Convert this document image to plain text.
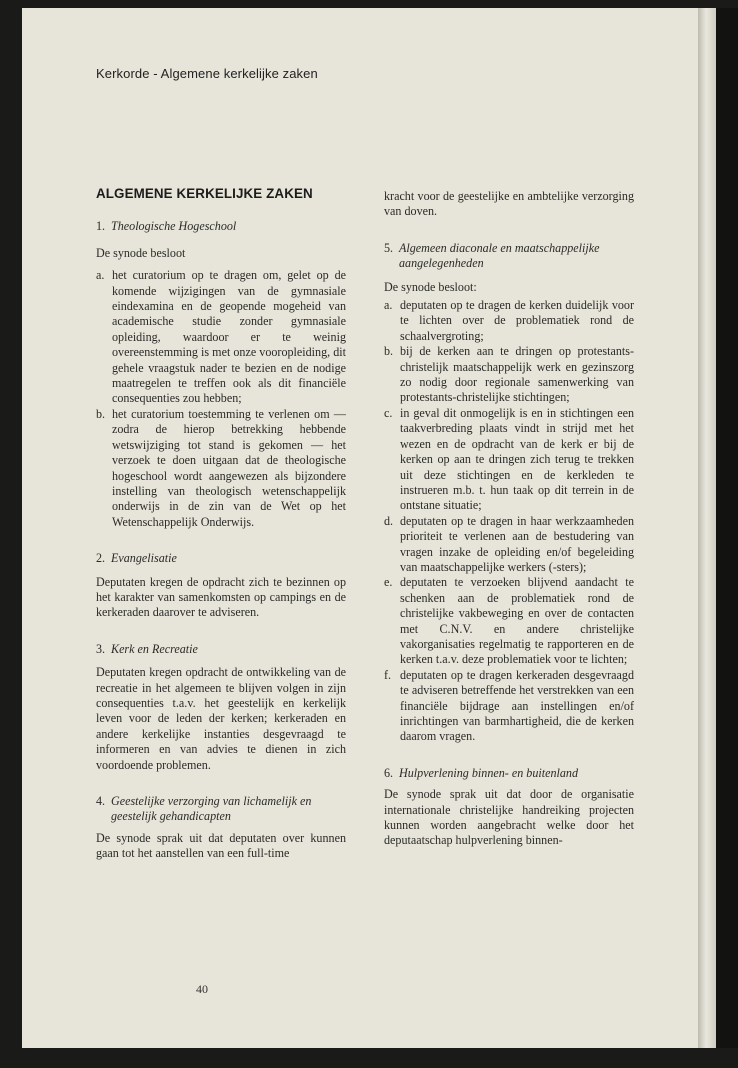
Kerkorde - Algemene kerkelijke zaken
ALGEMENE KERKELIJKE ZAKEN
1. Theologische Hogeschool

De synode besloot

a. het curatorium op te dragen om, gelet op de komende wijzigingen van de gymnasiale eindexamina en de geopende mogeheid van academische studie zonder gymnasiale opleiding, waardoor er te weinig overeenstemming is met onze vooropleiding, dit gehele vraagstuk nader te bezien en de nodige maatregelen te treffen ook als dit financiële consequenties zou hebben;
b. het curatorium toestemming te verlenen om — zodra de hierop betrekking hebbende wetswijziging tot stand is gekomen — het verzoek te doen uitgaan dat de theologische hogeschool wordt aangewezen als bijzondere instelling van theologisch wetenschappelijk onderwijs in de zin van de Wet op het Wetenschappelijk Onderwijs.
2. Evangelisatie

Deputaten kregen de opdracht zich te bezinnen op het karakter van samenkomsten op campings en de kerkeraden daarover te adviseren.

3. Kerk en Recreatie

Deputaten kregen opdracht de ontwikkeling van de recreatie in het algemeen te blijven volgen in zijn consequenties t.a.v. het geestelijk en kerkelijk leven voor de leden der kerken; kerkeraden en andere kerkelijke instanties desgevraagd te informeren en van advies te dienen in zich voordoende problemen.

4. Geestelijke verzorging van lichamelijk en geestelijk gehandicapten

De synode sprak uit dat deputaten over kunnen gaan tot het aanstellen van een full-time

kracht voor de geestelijke en ambtelijke verzorging van doven.

5. Algemeen diaconale en maatschappelijke aangelegenheden

De synode besloot:

a. deputaten op te dragen de kerken duidelijk voor te lichten over de problematiek rond de schaalvergroting;
b. bij de kerken aan te dringen op protestants-christelijk maatschappelijk werk en gezinszorg zo nodig door regionale samenwerking van protestants-christelijke stichtingen;
c. in geval dit onmogelijk is en in stichtingen een taakverbreding plaats vindt in strijd met het wezen en de opdracht van de kerk er bij de kerken op aan te dringen zich terug te trekken uit deze stichtingen en de kerkleden te instrueren m.b. t. hun taak op dit terrein in de ontstane situatie;
d. deputaten op te dragen in haar werkzaamheden prioriteit te verlenen aan de bestudering van vragen inzake de opleiding en/of begeleiding van maatschappelijke werkers (-sters);
e. deputaten te verzoeken blijvend aandacht te schenken aan de problematiek rond de christelijke vakbeweging en over de contacten met C.N.V. en andere christelijke vakorganisaties regelmatig te rapporteren en de kerken t.a.v. deze problematiek voor te lichten;
f. deputaten op te dragen kerkeraden desgevraagd te adviseren betreffende het verstrekken van een financiële bijdrage aan instellingen en/of inrichtingen van barmhartigheid, die de kerken daarom vragen.
6. Hulpverlening binnen- en buitenland

De synode sprak uit dat door de organisatie internationale christelijke handreiking projecten kunnen worden aangebracht welke door het deputaatschap hulpverlening binnen-

40
